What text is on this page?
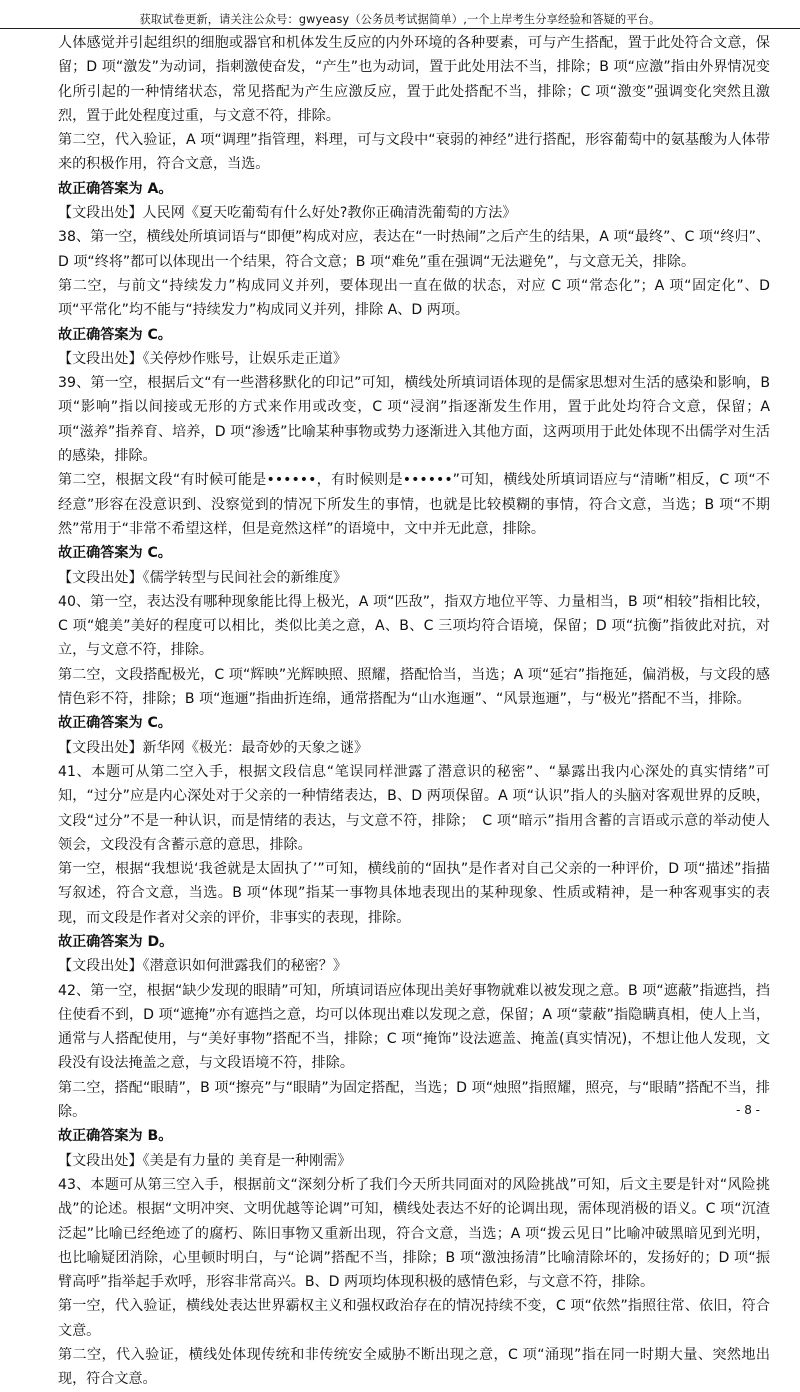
获取试卷更新，请关注公众号：gwyeasy（公务员考试据简单）,一个上岸考生分享经验和答疑的平台。

人体感觉并引起组织的细胞或器官和机体发生反应的内外环境的各种要素，可与产生搭配，置于此处符合文意，保留；D 项“激发”为动词，指刺激使奋发，“产生”也为动词，置于此处用法不当，排除；B 项“应激”指由外界情况变化所引起的一种情绪状态，常见搭配为产生应激反应，置于此处搭配不当，排除；C 项“激变”强调变化突然且激烈，置于此处程度过重，与文意不符，排除。

第二空，代入验证，A 项“调理”指管理，料理，可与文段中“衰弱的神经”进行搭配，形容葡萄中的氨基酸为人体带来的积极作用，符合文意，当选。

故正确答案为 A。

【文段出处】人民网《夏天吃葡萄有什么好处?教你正确清洗葡萄的方法》

38、第一空，横线处所填词语与“即便”构成对应，表达在“一时热闹”之后产生的结果，A 项“最终”、C 项“终归”、D 项“终将”都可以体现出一个结果，符合文意；B 项“难免”重在强调“无法避免”，与文意无关，排除。

第二空，与前文“持续发力”构成同义并列，要体现出一直在做的状态，对应 C 项“常态化”；A 项“固定化”、D 项“平常化”均不能与“持续发力”构成同义并列，排除 A、D 两项。

故正确答案为 C。

【文段出处】《关停炒作账号，让娱乐走正道》

39、第一空，根据后文“有一些潜移默化的印记”可知，横线处所填词语体现的是儒家思想对生活的感染和影响，B 项“影响”指以间接或无形的方式来作用或改变，C 项“浸润”指逐渐发生作用，置于此处均符合文意，保留；A 项“滋养”指养育、培养，D 项“渗透”比喻某种事物或势力逐渐进入其他方面，这两项用于此处体现不出儒学对生活的感染，排除。

第二空，根据文段“有时候可能是••••••，有时候则是••••••”可知，横线处所填词语应与“清晰”相反，C 项“不经意”形容在没意识到、没察觉到的情况下所发生的事情，也就是比较模糊的事情，符合文意，当选；B 项“不期然”常用于“非常不希望这样，但是竟然这样”的语境中，文中并无此意，排除。

故正确答案为 C。

【文段出处】《儒学转型与民间社会的新维度》

40、第一空，表达没有哪种现象能比得上极光，A 项“匹敌”，指双方地位平等、力量相当，B 项“相较”指相比较，C 项“媲美”美好的程度可以相比，类似比美之意，A、B、C 三项均符合语境，保留；D 项“抗衡”指彼此对抗，对立，与文意不符，排除。

第二空，文段搭配极光，C 项“辉映”光辉映照、照耀，搭配恰当，当选；A 项“延宕”指拖延，偏消极，与文段的感情色彩不符，排除；B 项“迤逦”指曲折连绵，通常搭配为“山水迤逦”、“风景迤逦”，与“极光”搭配不当，排除。

故正确答案为 C。

【文段出处】新华网《极光：最奇妙的天象之谜》

41、本题可从第二空入手，根据文段信息“笔误同样泄露了潜意识的秘密”、“暴露出我内心深处的真实情绪”可知，“过分”应是内心深处对于父亲的一种情绪表达，B、D 两项保留。A 项“认识”指人的头脑对客观世界的反映，文段“过分”不是一种认识，而是情绪的表达，与文意不符，排除；　C 项“暗示”指用含蓄的言语或示意的举动使人领会，文段没有含蓄示意的意思，排除。

第一空，根据“我想说‘我爸就是太固执了’”可知，横线前的“固执”是作者对自己父亲的一种评价，D 项“描述”指描写叙述，符合文意，当选。B 项“体现”指某一事物具体地表现出的某种现象、性质或精神，是一种客观事实的表现，而文段是作者对父亲的评价，非事实的表现，排除。

故正确答案为 D。

【文段出处】《潜意识如何泄露我们的秘密？》

42、第一空，根据“缺少发现的眼睛”可知，所填词语应体现出美好事物就难以被发现之意。B 项“遮蔽”指遮挡，挡住使看不到，D 项“遮掩”亦有遮挡之意，均可以体现出难以发现之意，保留；A 项“蒙蔽”指隐瞒真相，使人上当，通常与人搭配使用，与“美好事物”搭配不当，排除；C 项“掩饰”设法遮盖、掩盖(真实情况)，不想让他人发现，文段没有设法掩盖之意，与文段语境不符，排除。

第二空，搭配“眼睛”，B 项“擦亮”与“眼睛”为固定搭配，当选；D 项“烛照”指照耀，照亮，与“眼睛”搭配不当，排除。

故正确答案为 B。

【文段出处】《美是有力量的 美育是一种刚需》

43、本题可从第三空入手，根据前文“深刻分析了我们今天所共同面对的风险挑战”可知，后文主要是针对“风险挑战”的论述。根据“文明冲突、文明优越等论调”可知，横线处表达不好的论调出现，需体现消极的语义。C 项“沉渣泛起”比喻已经绝迹了的腐朽、陈旧事物又重新出现，符合文意，当选；A 项“拨云见日”比喻冲破黑暗见到光明，也比喻疑团消除，心里顿时明白，与“论调”搭配不当，排除；B 项“激浊扬清”比喻清除坏的，发扬好的；D 项“振臂高呼”指举起手欢呼，形容非常高兴。B、D 两项均体现积极的感情色彩，与文意不符，排除。

第一空，代入验证，横线处表达世界霸权主义和强权政治存在的情况持续不变，C 项“依然”指照往常、依旧，符合文意。

第二空，代入验证，横线处体现传统和非传统安全威胁不断出现之意，C 项“涌现”指在同一时期大量、突然地出现，符合文意。

- 8 -
